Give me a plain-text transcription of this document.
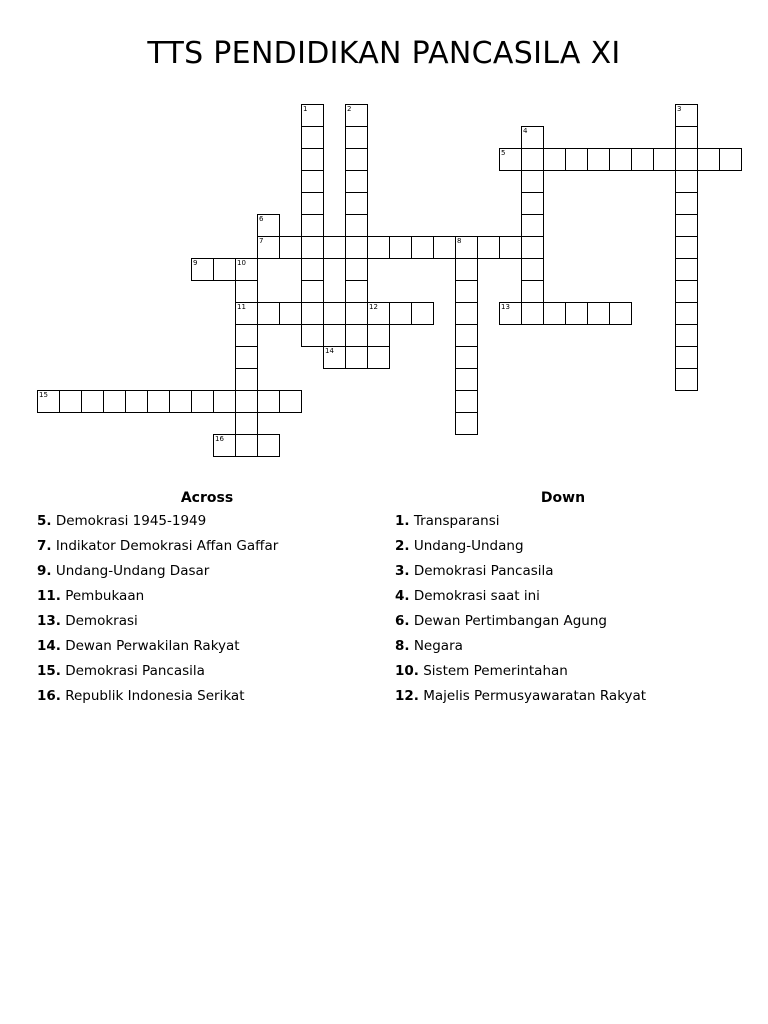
TTS PENDIDIKAN PANCASILA XI
1	2	3
4
5
6
7	8
9	10
11	12	13
14
15
16
Across
5. Demokrasi 1945-1949
7. Indikator Demokrasi Affan Gaffar
9. Undang-Undang Dasar
11. Pembukaan
13. Demokrasi
14. Dewan Perwakilan Rakyat
15. Demokrasi Pancasila
16. Republik Indonesia Serikat
Down
1. Transparansi
2. Undang-Undang
3. Demokrasi Pancasila
4. Demokrasi saat ini
6. Dewan Pertimbangan Agung
8. Negara
10. Sistem Pemerintahan
12. Majelis Permusyawaratan Rakyat
